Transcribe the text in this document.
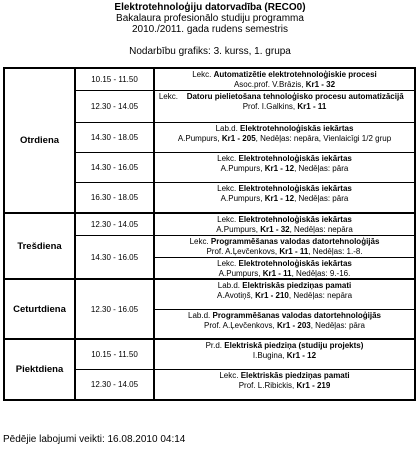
Elektrotehnoloģiju datorvadība (RECO0)
Bakalaura profesionālo studiju programma
2010./2011. gada rudens semestris
Nodarbību grafiks: 3. kurss, 1. grupa
Otrdiena
10.15 - 11.50
Lekc. Automatizētie elektrotehnoloģiskie procesi
Asoc.prof. V.Brāzis, Kr1 - 32
12.30 - 14.05
Lekc. Datoru pielietošana tehnoloģisko procesu automatizācijā
Prof. I.Galkins, Kr1 - 11
14.30 - 18.05
Lab.d. Elektrotehnoloģiskās iekārtas
A.Pumpurs, Kr1 - 205, Nedēļas: nepāra, Vienlaicīgi 1/2 grup
14.30 - 16.05
Lekc. Elektrotehnoloģiskās iekārtas
A.Pumpurs, Kr1 - 12, Nedēļas: pāra
16.30 - 18.05
Lekc. Elektrotehnoloģiskās iekārtas
A.Pumpurs, Kr1 - 12, Nedēļas: pāra
Trešdiena
12.30 - 14.05
Lekc. Elektrotehnoloģiskās iekārtas
A.Pumpurs, Kr1 - 32, Nedēļas: nepāra
14.30 - 16.05
Lekc. Programmēšanas valodas datortehnoloģijās
Prof. A.Ļevčenkovs, Kr1 - 11, Nedēļas: 1.-8.
Lekc. Elektrotehnoloģiskās iekārtas
A.Pumpurs, Kr1 - 11, Nedēļas: 9.-16.
Ceturtdiena	12.30 - 16.05
Lab.d. Elektriskās piedziņas pamati
A.Avotiņš, Kr1 - 210, Nedēļas: nepāra
Lab.d. Programmēšanas valodas datortehnoloģijās
Prof. A.Ļevčenkovs, Kr1 - 203, Nedēļas: pāra
Piektdiena
10.15 - 11.50
Pr.d. Elektriskā piedziņa (studiju projekts)
I.Bugina, Kr1 - 12
12.30 - 14.05
Lekc. Elektriskās piedziņas pamati
Prof. L.Ribickis, Kr1 - 219
Pēdējie labojumi veikti: 16.08.2010 04:14
